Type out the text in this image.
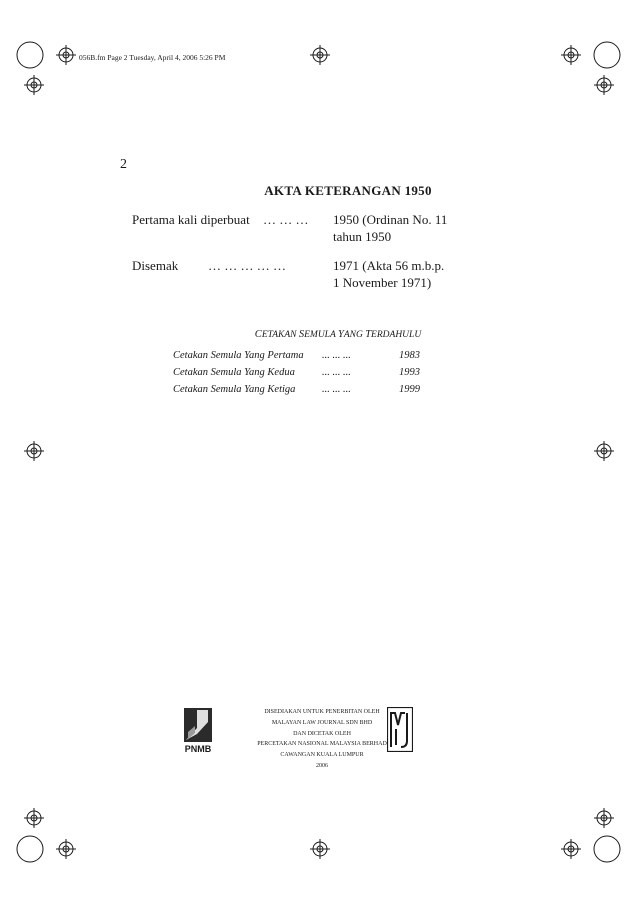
056B.fm Page 2 Tuesday, April 4, 2006 5:26 PM
2
AKTA KETERANGAN 1950
Pertama kali diperbuat … … … 1950 (Ordinan No. 11
tahun 1950
Disemak … … … … …	1971 (Akta 56 m.b.p.
1 November 1971)
CETAKAN SEMULA YANG TERDAHULU
Cetakan Semula Yang Pertama ... ... ...	1983
Cetakan Semula Yang Kedua	... ... ...	1993
Cetakan Semula Yang Ketiga	... ... ...	1999
PNMB
DISEDIAKAN UNTUK PENERBITAN OLEH
MALAYAN LAW JOURNAL SDN BHD
DAN DICETAK OLEH
PERCETAKAN NASIONAL MALAYSIA BERHAD
CAWANGAN KUALA LUMPUR
2006
